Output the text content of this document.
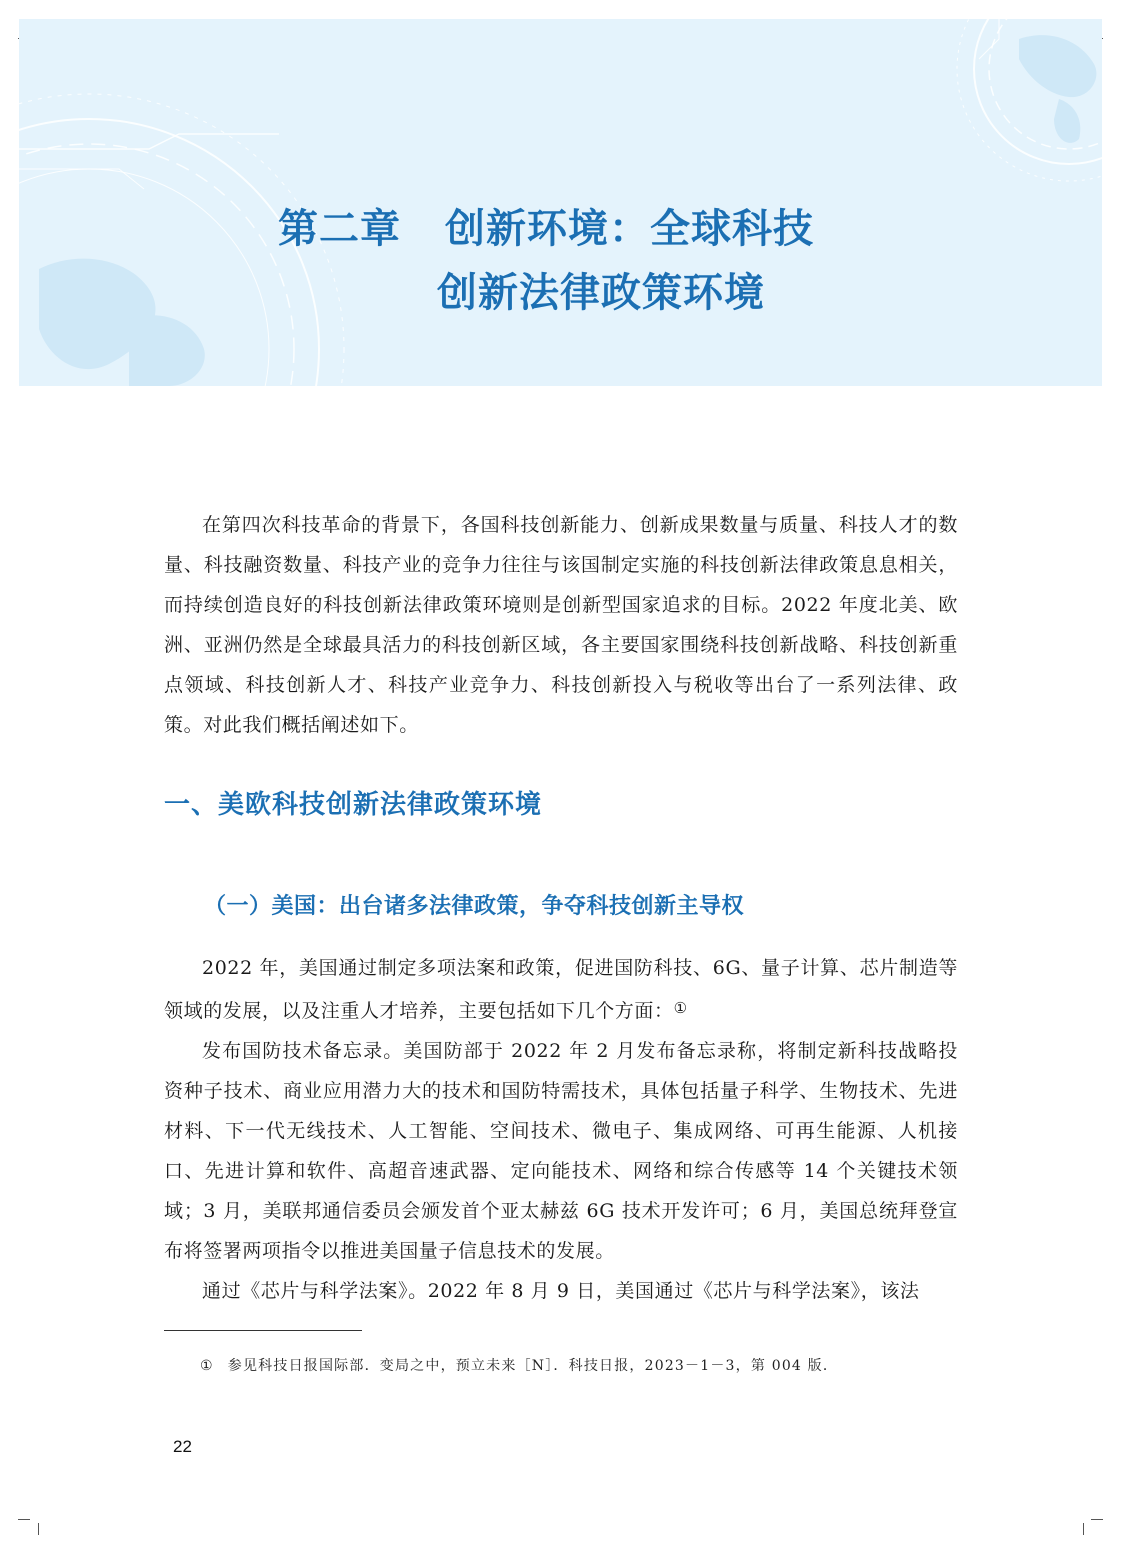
第二章 创新环境：全球科技
创新法律政策环境

在第四次科技革命的背景下，各国科技创新能力、创新成果数量与质量、科技人才的数量、科技融资数量、科技产业的竞争力往往与该国制定实施的科技创新法律政策息息相关，而持续创造良好的科技创新法律政策环境则是创新型国家追求的目标。2022 年度北美、欧洲、亚洲仍然是全球最具活力的科技创新区域，各主要国家围绕科技创新战略、科技创新重点领域、科技创新人才、科技产业竞争力、科技创新投入与税收等出台了一系列法律、政策。对此我们概括阐述如下。

一、美欧科技创新法律政策环境
（一）美国：出台诸多法律政策，争夺科技创新主导权

2022 年，美国通过制定多项法案和政策，促进国防科技、6G、量子计算、芯片制造等领域的发展，以及注重人才培养，主要包括如下几个方面：①

发布国防技术备忘录。美国防部于 2022 年 2 月发布备忘录称，将制定新科技战略投资种子技术、商业应用潜力大的技术和国防特需技术，具体包括量子科学、生物技术、先进材料、下一代无线技术、人工智能、空间技术、微电子、集成网络、可再生能源、人机接口、先进计算和软件、高超音速武器、定向能技术、网络和综合传感等 14 个关键技术领域；3 月，美联邦通信委员会颁发首个亚太赫兹 6G 技术开发许可；6 月，美国总统拜登宣布将签署两项指令以推进美国量子信息技术的发展。

通过《芯片与科学法案》。2022 年 8 月 9 日，美国通过《芯片与科学法案》，该法

① 参见科技日报国际部．变局之中，预立未来［N］．科技日报，2023－1－3，第 004 版．
22
